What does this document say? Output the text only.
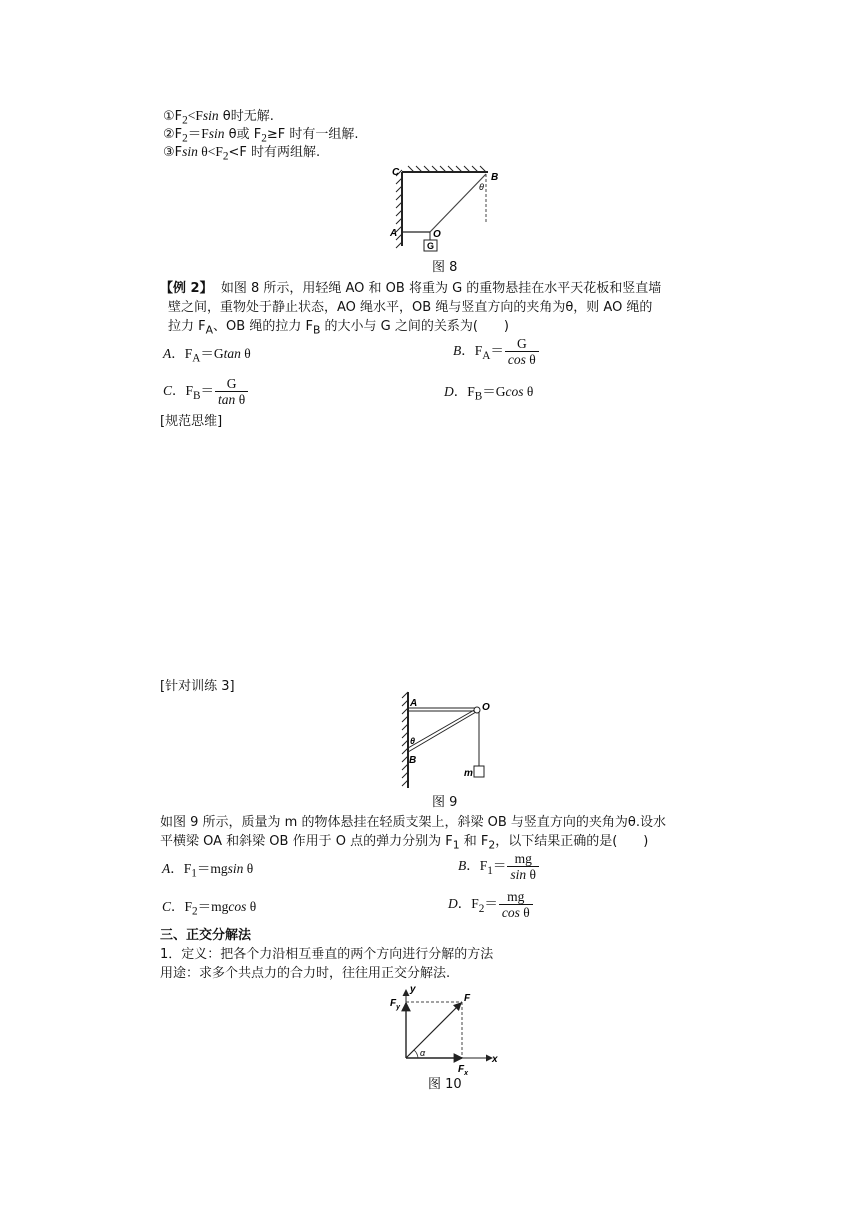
$①F_2<Fsin$ θ时无解.
$②F_2=Fsin$ θ或 $F_2\ge F$ 时有一组解.
③Fsin $\theta<F_2<F$ 时有两组解.
C	B
θ
A	O
G
图 8
【例 2】 如图 8 所示，用轻绳 AO 和 OB 将重为 G 的重物悬挂在水平天花板和竖直墙
壁之间，重物处于静止状态，AO 绳水平，OB 绳与竖直方向的夹角为θ，则 AO 绳的
拉力 $F_A$、OB 绳的拉力 $F_B$ 的大小与 G 之间的关系为(　　)
A．$F_A=Gtan$ θ	B．$F_A= \frac{G}{\text{cos θ}}$
C．$F_B= \frac{G}{\text{tan θ}}$	D．$F_B=Gcos$ θ
[规范思维]
[针对训练 3]
A	O
θ
B
m
图 9
如图 9 所示，质量为 m 的物体悬挂在轻质支架上，斜梁 OB 与竖直方向的夹角为θ.设水
平横梁 OA 和斜梁 OB 作用于 O 点的弹力分别为 $F_1$ 和 $F_2$，以下结果正确的是(　　)
A．$F_1=mgsin$ θ	B．$F_1= \frac{mg}{\text{sin θ}}$
C．$F_2=mgcos$ θ	D．$F_2= \frac{mg}{\text{cos θ}}$
三、正交分解法
1．定义：把各个力沿相互垂直的两个方向进行分解的方法
用途：求多个共点力的合力时，往往用正交分解法.
y
$F_y$
F
α
x
$F_x$
图 10
